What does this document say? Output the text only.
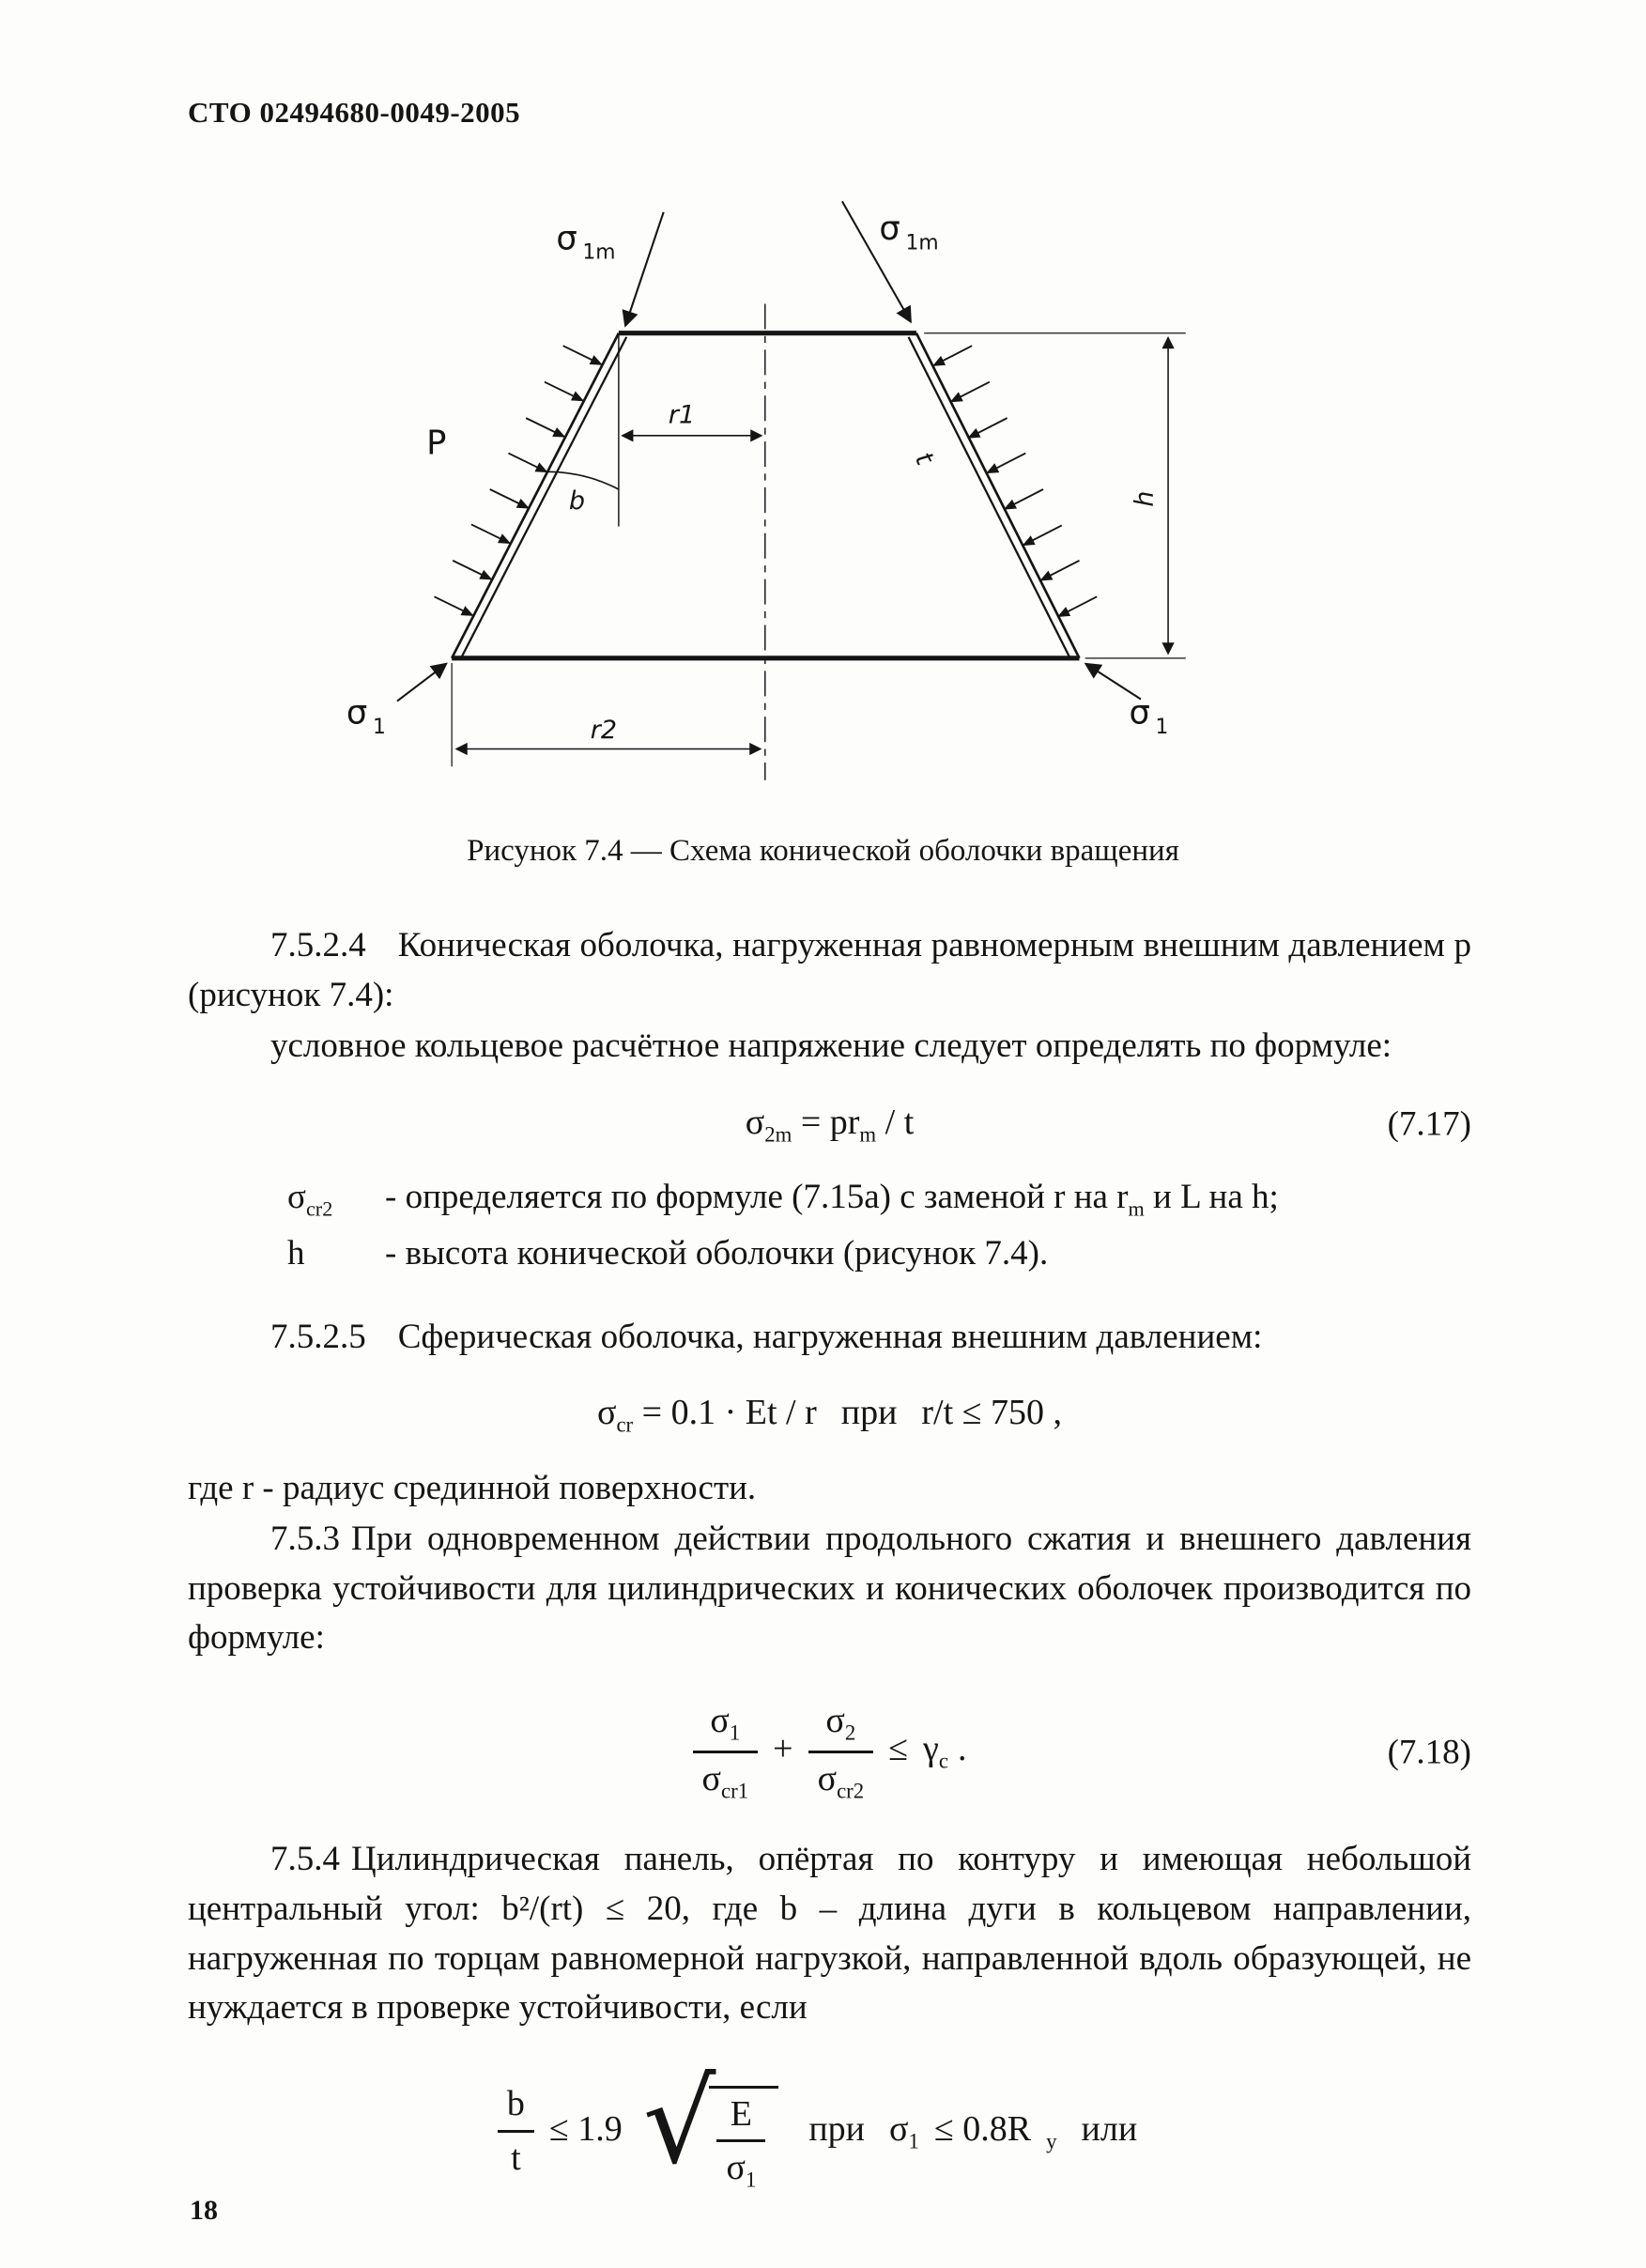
СТО 02494680-0049-2005
σ 1m
σ 1m
P
r1
b
t
h
σ 1	σ 1
r2
Рисунок 7.4 — Схема конической оболочки вращения

7.5.2.4 Коническая оболочка, нагруженная равномерным внешним давлением p (рисунок 7.4):

условное кольцевое расчётное напряжение следует определять по формуле:

$\sigma_{2m} = pr_m / t$	(7.17)
$\sigma_{cr2}$	- определяется по формуле (7.15а) с заменой r на $r_m$ и L на h;
h	- высота конической оболочки (рисунок 7.4).

7.5.2.5 Сферическая оболочка, нагруженная внешним давлением:

$\sigma_{cr} = 0.1 \cdot Et / r$ при r/t ≤ 750 ,

где r - радиус срединной поверхности.

7.5.3 При одновременном действии продольного сжатия и внешнего давления проверка устойчивости для цилиндрических и конических оболочек производится по формуле:

$\frac{\sigma_1}{\sigma_{cr1}} + \frac{\sigma_2}{\sigma_{cr2}} \le \gamma_c$ .	(7.18)

7.5.4 Цилиндрическая панель, опёртая по контуру и имеющая небольшой центральный угол: b²/(rt) ≤ 20, где b – длина дуги в кольцевом направлении, нагруженная по торцам равномерной нагрузкой, направленной вдоль образующей, не нуждается в проверке устойчивости, если

$\frac{b}{t} \le 1.9$ √ $\frac{E}{\sigma_1}$ при $\sigma_1 \le 0.8R$ $_y$ или
18
